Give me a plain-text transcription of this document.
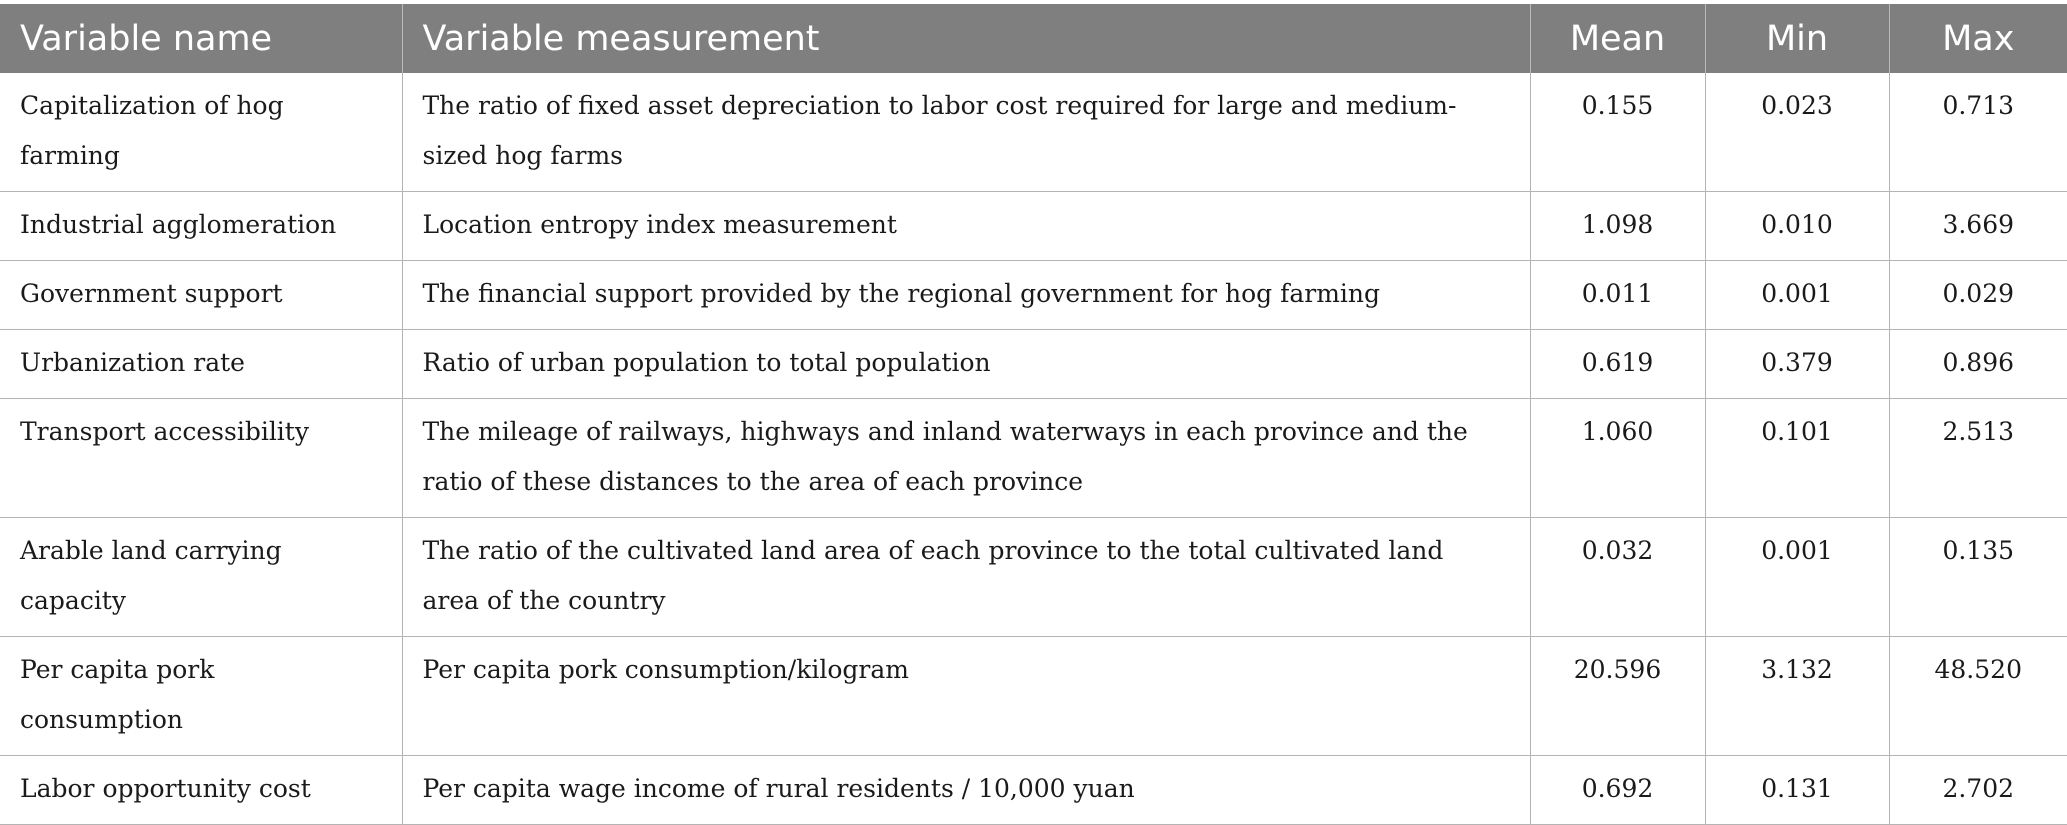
Variable name	Variable measurement	Mean	Min	Max
Capitalization of hog farming	The ratio of fixed asset depreciation to labor cost required for large and medium-sized hog farms	0.155	0.023	0.713
Industrial agglomeration	Location entropy index measurement	1.098	0.010	3.669
Government support	The financial support provided by the regional government for hog farming	0.011	0.001	0.029
Urbanization rate	Ratio of urban population to total population	0.619	0.379	0.896
Transport accessibility	The mileage of railways, highways and inland waterways in each province and the ratio of these distances to the area of each province	1.060	0.101	2.513
Arable land carrying capacity	The ratio of the cultivated land area of each province to the total cultivated land area of the country	0.032	0.001	0.135
Per capita pork consumption	Per capita pork consumption/kilogram	20.596	3.132	48.520
Labor opportunity cost	Per capita wage income of rural residents / 10,000 yuan	0.692	0.131	2.702
